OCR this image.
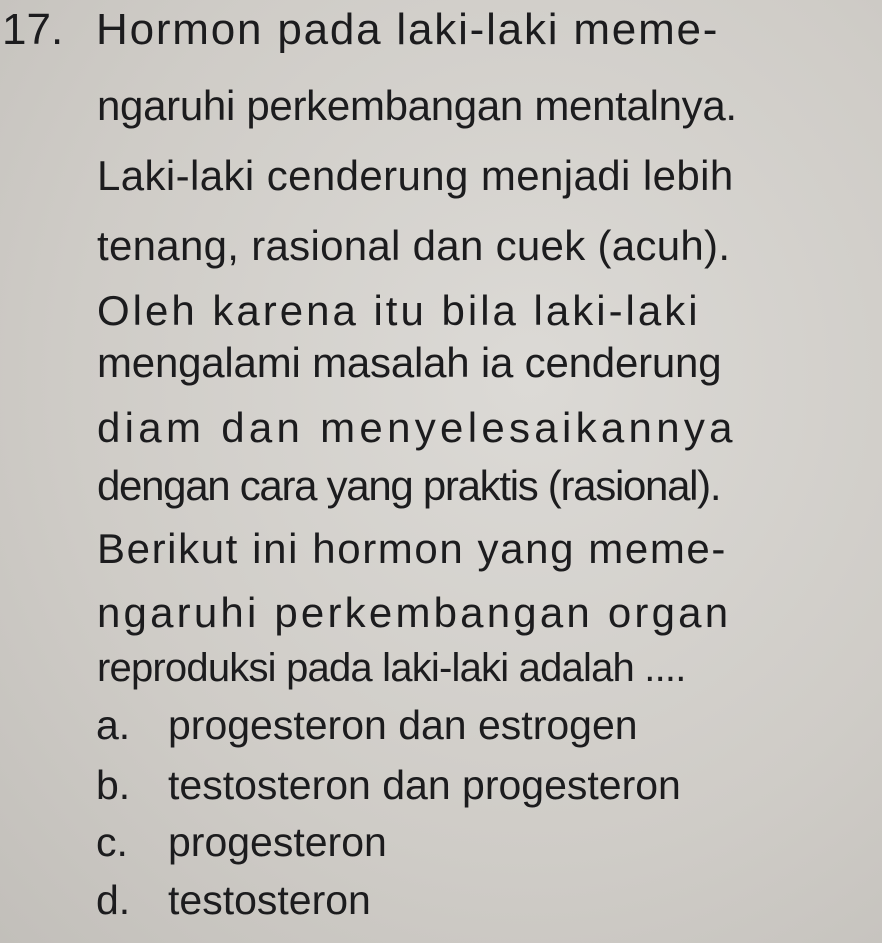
17. Hormon pada laki-laki meme-
ngaruhi perkembangan mentalnya.
Laki-laki cenderung menjadi lebih
tenang, rasional dan cuek (acuh).
Oleh karena itu bila laki-laki
mengalami masalah ia cenderung
diam dan menyelesaikannya
dengan cara yang praktis (rasional).
Berikut ini hormon yang meme-
ngaruhi perkembangan organ
reproduksi pada laki-laki adalah ....
a. progesteron dan estrogen
b. testosteron dan progesteron
c. progesteron
d. testosteron
